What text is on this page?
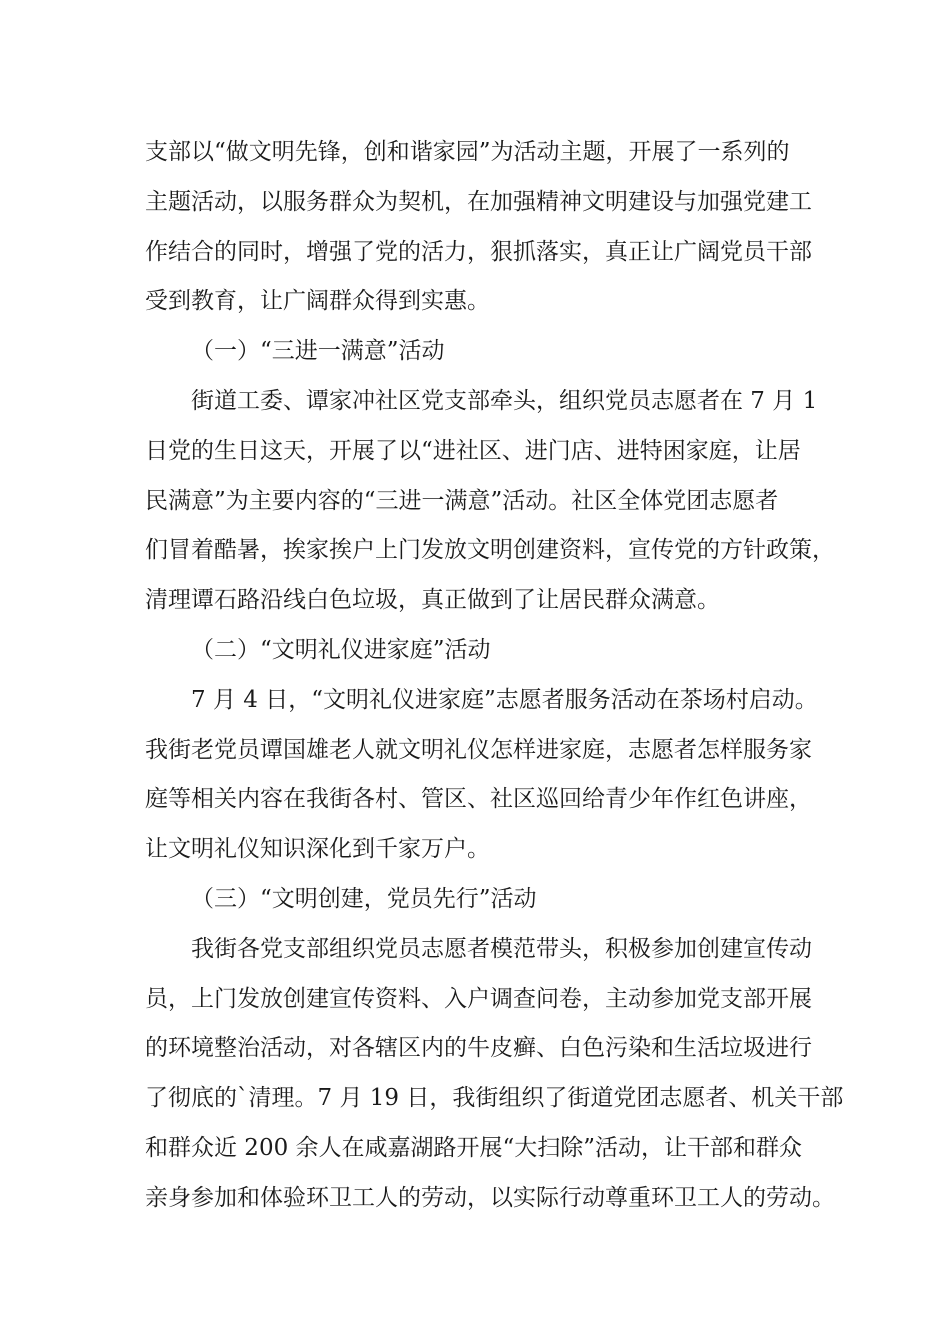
支部以“做文明先锋，创和谐家园”为活动主题，开展了一系列的
主题活动，以服务群众为契机，在加强精神文明建设与加强党建工
作结合的同时，增强了党的活力，狠抓落实，真正让广阔党员干部
受到教育，让广阔群众得到实惠。
（一）“三进一满意”活动
街道工委、谭家冲社区党支部牵头，组织党员志愿者在 7 月 1
日党的生日这天，开展了以“进社区、进门店、进特困家庭，让居
民满意”为主要内容的“三进一满意”活动。社区全体党团志愿者
们冒着酷暑，挨家挨户上门发放文明创建资料，宣传党的方针政策，
清理谭石路沿线白色垃圾，真正做到了让居民群众满意。
（二）“文明礼仪进家庭”活动
7 月 4 日，“文明礼仪进家庭”志愿者服务活动在茶场村启动。
我街老党员谭国雄老人就文明礼仪怎样进家庭，志愿者怎样服务家
庭等相关内容在我街各村、管区、社区巡回给青少年作红色讲座，
让文明礼仪知识深化到千家万户。
（三）“文明创建，党员先行”活动
我街各党支部组织党员志愿者模范带头，积极参加创建宣传动
员，上门发放创建宣传资料、入户调查问卷，主动参加党支部开展
的环境整治活动，对各辖区内的牛皮癣、白色污染和生活垃圾进行
了彻底的`清理。7 月 19 日，我街组织了街道党团志愿者、机关干部
和群众近 200 余人在咸嘉湖路开展“大扫除”活动，让干部和群众
亲身参加和体验环卫工人的劳动，以实际行动尊重环卫工人的劳动。
